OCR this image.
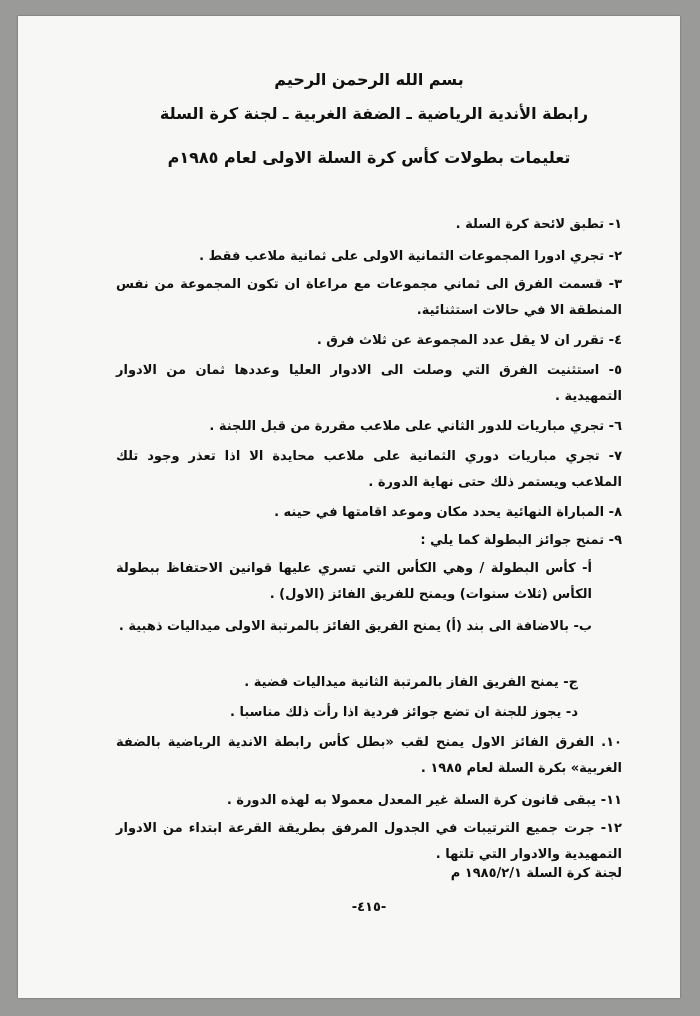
بسم الله الرحمن الرحيم
رابطة الأندية الرياضية ـ الضفة الغربية ـ لجنة كرة السلة
تعليمات بطولات كأس كرة السلة الاولى لعام ١٩٨٥م
١- تطبق لائحة كرة السلة .
٢- تجري ادورا المجموعات الثمانية الاولى على ثمانية ملاعب فقط .
٣- قسمت الفرق الى ثماني مجموعات مع مراعاة ان تكون المجموعة من نفس المنطقة الا في حالات استثنائية.
٤- تقرر ان لا يقل عدد المجموعة عن ثلاث فرق .
٥- استثنيت الفرق التي وصلت الى الادوار العليا وعددها ثمان من الادوار التمهيدية .
٦- تجري مباريات للدور الثاني على ملاعب مقررة من قبل اللجنة .
٧- تجري مباريات دوري الثمانية على ملاعب محايدة الا اذا تعذر وجود تلك الملاعب ويستمر ذلك حتى نهاية الدورة .
٨- المباراة النهائية يحدد مكان وموعد اقامتها في حينه .
٩- تمنح جوائز البطولة كما يلي :
أ- كأس البطولة / وهي الكأس التي تسري عليها قوانين الاحتفاظ ببطولة الكأس (ثلاث سنوات) ويمنح للفريق الفائز (الاول) .
ب- بالاضافة الى بند (أ) يمنح الفريق الفائز بالمرتبة الاولى ميداليات ذهبية .
ج- يمنح الفريق الفاز بالمرتبة الثانية ميداليات فضية .
د- يجوز للجنة ان تضع جوائز فردية اذا رأت ذلك مناسبا .
١٠. الفرق الفائز الاول يمنح لقب «بطل كأس رابطة الاندية الرياضية بالضفة الغربية» بكرة السلة لعام ١٩٨٥ .
١١- يبقى قانون كرة السلة غير المعدل معمولا به لهذه الدورة .
١٢- جرت جميع الترتيبات في الجدول المرفق بطريقة القرعة ابتداء من الادوار التمهيدية والادوار التي تلتها .
لجنة كرة السلة ١٩٨٥/٢/١ م
-٤١٥-
